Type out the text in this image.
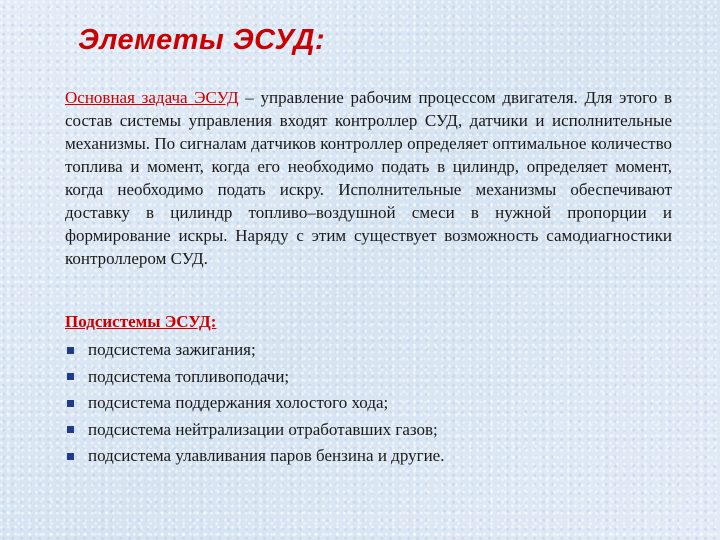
Элеметы ЭСУД:
Основная задача ЭСУД – управление рабочим процессом двигателя. Для этого в состав системы управления входят контроллер СУД, датчики и исполнительные механизмы. По сигналам датчиков контроллер определяет оптимальное количество топлива и момент, когда его необходимо подать в цилиндр, определяет момент, когда необходимо подать искру. Исполнительные механизмы обеспечивают доставку в цилиндр топливо–воздушной смеси в нужной пропорции и формирование искры. Наряду с этим существует возможность самодиагностики контроллером СУД.
Подсистемы ЭСУД:
подсистема зажигания;
подсистема топливоподачи;
подсистема поддержания холостого хода;
подсистема нейтрализации отработавших газов;
подсистема улавливания паров бензина и другие.
